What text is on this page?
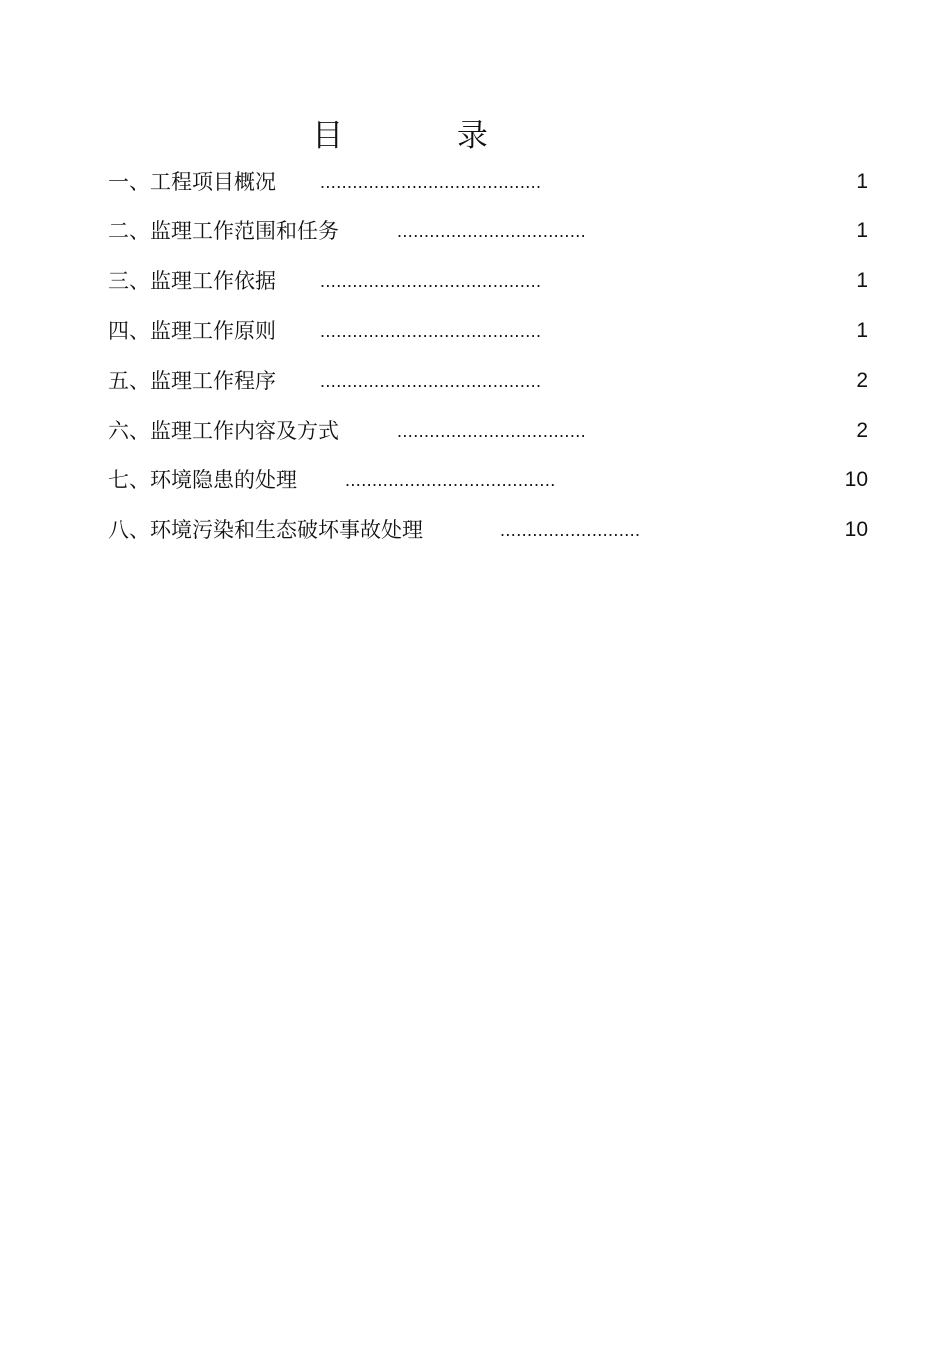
目 录
一、工程项目概况 .........................................	1
二、监理工作范围和任务	...................................	1
三、监理工作依据 .........................................	1
四、监理工作原则 .........................................	1
五、监理工作程序 .........................................	2
六、监理工作内容及方式	...................................	2
七、环境隐患的处理	.......................................	10
八、环境污染和生态破坏事故处理	..........................	10
